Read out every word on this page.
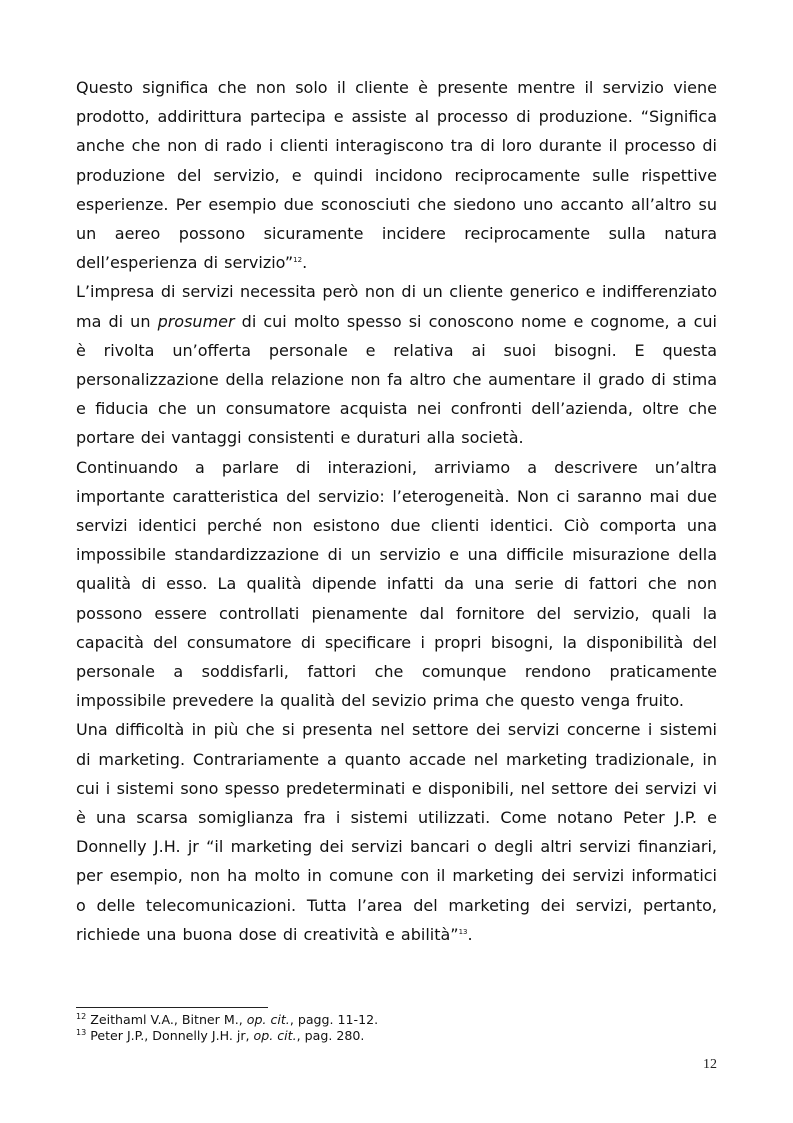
Questo significa che non solo il cliente è presente mentre il servizio viene prodotto, addirittura partecipa e assiste al processo di produzione. “Significa anche che non di rado i clienti interagiscono tra di loro durante il processo di produzione del servizio, e quindi incidono reciprocamente sulle rispettive esperienze. Per esempio due sconosciuti che siedono uno accanto all’altro su un aereo possono sicuramente incidere reciprocamente sulla natura dell’esperienza di servizio”$^{12}$.

L’impresa di servizi necessita però non di un cliente generico e indifferenziato ma di un prosumer di cui molto spesso si conoscono nome e cognome, a cui è rivolta un’offerta personale e relativa ai suoi bisogni. E questa personalizzazione della relazione non fa altro che aumentare il grado di stima e fiducia che un consumatore acquista nei confronti dell’azienda, oltre che portare dei vantaggi consistenti e duraturi alla società.

Continuando a parlare di interazioni, arriviamo a descrivere un’altra importante caratteristica del servizio: l’eterogeneità. Non ci saranno mai due servizi identici perché non esistono due clienti identici. Ciò comporta una impossibile standardizzazione di un servizio e una difficile misurazione della qualità di esso. La qualità dipende infatti da una serie di fattori che non possono essere controllati pienamente dal fornitore del servizio, quali la capacità del consumatore di specificare i propri bisogni, la disponibilità del personale a soddisfarli, fattori che comunque rendono praticamente impossibile prevedere la qualità del sevizio prima che questo venga fruito.

Una difficoltà in più che si presenta nel settore dei servizi concerne i sistemi di marketing. Contrariamente a quanto accade nel marketing tradizionale, in cui i sistemi sono spesso predeterminati e disponibili, nel settore dei servizi vi è una scarsa somiglianza fra i sistemi utilizzati. Come notano Peter J.P. e Donnelly J.H. jr “il marketing dei servizi bancari o degli altri servizi finanziari, per esempio, non ha molto in comune con il marketing dei servizi informatici o delle telecomunicazioni. Tutta l’area del marketing dei servizi, pertanto, richiede una buona dose di creatività e abilità”$^{13}$.

$^{12}$ Zeithaml V.A., Bitner M., op. cit., pagg. 11-12.
$^{13}$ Peter J.P., Donnelly J.H. jr, op. cit., pag. 280.
12
